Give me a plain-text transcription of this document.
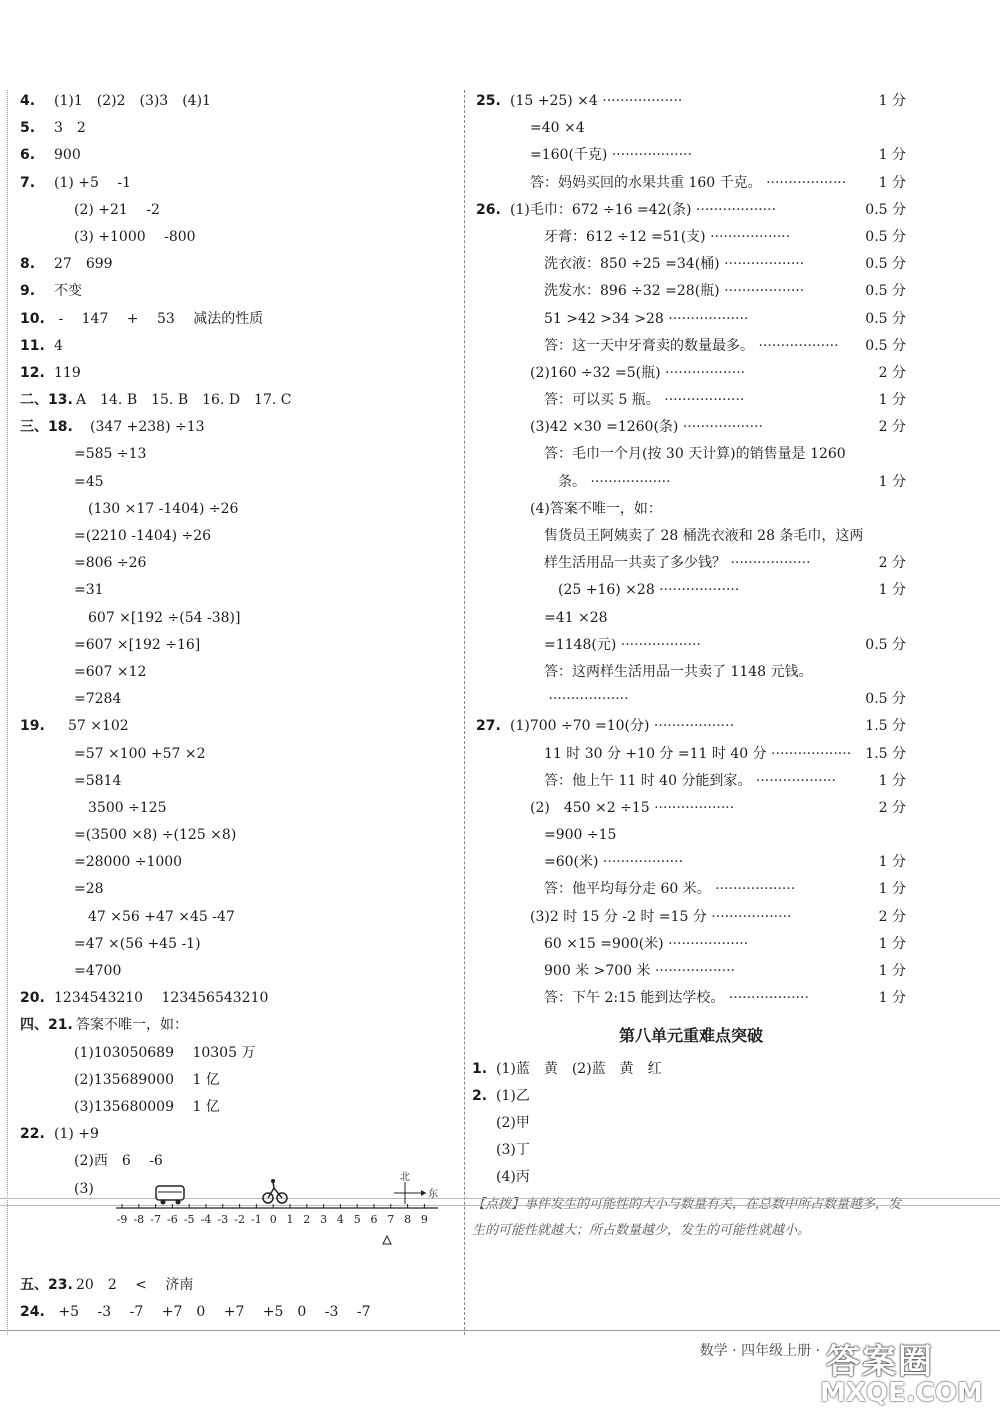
4. (1)1　(2)2　(3)3　(4)1
5. 3　2
6. 900
7. (1) +5　 -1
(2) +21　 -2
(3) +1000　 -800
8. 27　699
9. 不变
10. -　 147　 +　 53　 减法的性质
11. 4
12. 119
二、13. A　14. B　15. B　16. D　17. C
三、18.　(347 +238) ÷13
=585 ÷13
=45
　(130 ×17 -1404) ÷26
=(2210 -1404) ÷26
=806 ÷26
=31
　607 ×[192 ÷(54 -38)]
=607 ×[192 ÷16]
=607 ×12
=7284
19.　57 ×102
=57 ×100 +57 ×2
=5814
　3500 ÷125
=(3500 ×8) ÷(125 ×8)
=28000 ÷1000
=28
　47 ×56 +47 ×45 -47
=47 ×(56 +45 -1)
=4700
20. 1234543210　 123456543210
四、21. 答案不唯一，如：
(1)103050689　 10305 万
(2)135689000　 1 亿
(3)135680009　 1 亿
22. (1) +9
(2)西　6　 -6
(3)
25. (15 +25) ×4 ··················	1 分
=40 ×4
=160(千克) ··················	1 分
答：妈妈买回的水果共重 160 千克。 ·················· 1 分
26. (1)毛巾：672 ÷16 =42(条) ··················	0.5 分
　牙膏：612 ÷12 =51(支) ··················	0.5 分
　洗衣液：850 ÷25 =34(桶) ··················	0.5 分
　洗发水：896 ÷32 =28(瓶) ··················	0.5 分
　51 >42 >34 >28 ··················	0.5 分
　答：这一天中牙膏卖的数量最多。 ·················· 0.5 分
(2)160 ÷32 =5(瓶) ··················	2 分
　答：可以买 5 瓶。 ··················	1 分
(3)42 ×30 =1260(条) ··················	2 分
　答：毛巾一个月(按 30 天计算)的销售量是 1260
　　条。 ··················	1 分
(4)答案不唯一，如：
　售货员王阿姨卖了 28 桶洗衣液和 28 条毛巾，这两
　样生活用品一共卖了多少钱？ ··················	2 分
　　(25 +16) ×28 ··················	1 分
　=41 ×28
　=1148(元) ··················	0.5 分
　答：这两样生活用品一共卖了 1148 元钱。
　 ··················	0.5 分
27. (1)700 ÷70 =10(分) ··················	1.5 分
　11 时 30 分 +10 分 =11 时 40 分 ·················· 1.5 分
　答：他上午 11 时 40 分能到家。 ··················	1 分
(2)　450 ×2 ÷15 ··················	2 分
　=900 ÷15
　=60(米) ··················	1 分
　答：他平均每分走 60 米。 ··················	1 分
(3)2 时 15 分 -2 时 =15 分 ··················	2 分
　60 ×15 =900(米) ··················	1 分
　900 米 >700 米 ··················	1 分
　答：下午 2:15 能到达学校。 ··················	1 分
第八单元重难点突破
1. (1)蓝　黄　(2)蓝　黄　红
2. (1)乙
(2)甲
(3)丁
(4)丙
【点拨】事件发生的可能性的大小与数量有关，在总数中所占数量越多，发生的可能性就越大；所占数量越少，发生的可能性就越小。
北
东
-9 -8 -7 -6 -5 -4 -3 -2 -1 0 1 2 3 4 5 6 7 8 9
五、23. 20　2　 <　 济南
24. +5　 -3　 -7　 +7　0　 +7　 +5　0　 -3　 -7
数学 · 四年级上册 · 答案圈
MXQE.COM
